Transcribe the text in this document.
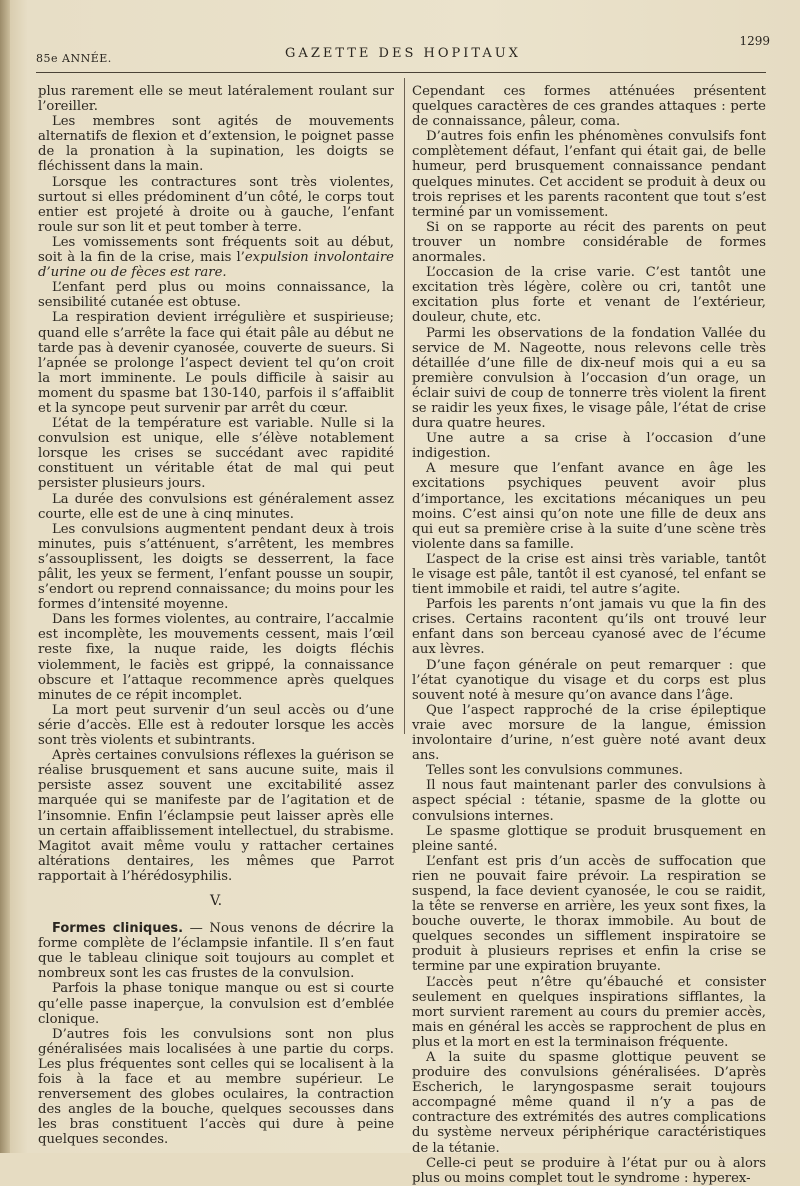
85e ANNÉE.	GAZETTE DES HOPITAUX
1299

plus rarement elle se meut latéralement roulant sur l’oreiller.

Les membres sont agités de mouvements alternatifs de flexion et d’extension, le poignet passe de la pronation à la supination, les doigts se fléchissent dans la main.

Lorsque les contractures sont très violentes, surtout si elles prédominent d’un côté, le corps tout entier est projeté à droite ou à gauche, l’enfant roule sur son lit et peut tomber à terre.

Les vomissements sont fréquents soit au début, soit à la fin de la crise, mais l’expulsion involontaire d’urine ou de fèces est rare.

L’enfant perd plus ou moins connaissance, la sensibilité cutanée est obtuse.

La respiration devient irrégulière et suspirieuse; quand elle s’arrête la face qui était pâle au début ne tarde pas à devenir cyanosée, couverte de sueurs. Si l’apnée se prolonge l’aspect devient tel qu’on croit la mort imminente. Le pouls difficile à saisir au moment du spasme bat 130-140, parfois il s’affaiblit et la syncope peut survenir par arrêt du cœur.

L’état de la température est variable. Nulle si la convulsion est unique, elle s’élève notablement lorsque les crises se succédant avec rapidité constituent un véritable état de mal qui peut persister plusieurs jours.

La durée des convulsions est généralement assez courte, elle est de une à cinq minutes.

Les convulsions augmentent pendant deux à trois minutes, puis s’atténuent, s’arrêtent, les membres s’assouplissent, les doigts se desserrent, la face pâlit, les yeux se ferment, l’enfant pousse un soupir, s’endort ou reprend connaissance; du moins pour les formes d’intensité moyenne.

Dans les formes violentes, au contraire, l’accalmie est incomplète, les mouvements cessent, mais l’œil reste fixe, la nuque raide, les doigts fléchis violemment, le faciès est grippé, la connaissance obscure et l’attaque recommence après quelques minutes de ce répit incomplet.

La mort peut survenir d’un seul accès ou d’une série d’accès. Elle est à redouter lorsque les accès sont très violents et subintrants.

Après certaines convulsions réflexes la guérison se réalise brusquement et sans aucune suite, mais il persiste assez souvent une excitabilité assez marquée qui se manifeste par de l’agitation et de l’insomnie. Enfin l’éclampsie peut laisser après elle un certain affaiblissement intellectuel, du strabisme. Magitot avait même voulu y rattacher certaines altérations dentaires, les mêmes que Parrot rapportait à l’hérédosyphilis.

V.

Formes cliniques. — Nous venons de décrire la forme complète de l’éclampsie infantile. Il s’en faut que le tableau clinique soit toujours au complet et nombreux sont les cas frustes de la convulsion.

Parfois la phase tonique manque ou est si courte qu’elle passe inaperçue, la convulsion est d’emblée clonique.

D’autres fois les convulsions sont non plus généralisées mais localisées à une partie du corps. Les plus fréquentes sont celles qui se localisent à la fois à la face et au membre supérieur. Le renversement des globes oculaires, la contraction des angles de la bouche, quelques secousses dans les bras constituent l’accès qui dure à peine quelques secondes.

Cependant ces formes atténuées présentent quelques caractères de ces grandes attaques : perte de connaissance, pâleur, coma.

D’autres fois enfin les phénomènes convulsifs font complètement défaut, l’enfant qui était gai, de belle humeur, perd brusquement connaissance pendant quelques minutes. Cet accident se produit à deux ou trois reprises et les parents racontent que tout s’est terminé par un vomissement.

Si on se rapporte au récit des parents on peut trouver un nombre considérable de formes anormales.

L’occasion de la crise varie. C’est tantôt une excitation très légère, colère ou cri, tantôt une excitation plus forte et venant de l’extérieur, douleur, chute, etc.

Parmi les observations de la fondation Vallée du service de M. Nageotte, nous relevons celle très détaillée d’une fille de dix-neuf mois qui a eu sa première convulsion à l’occasion d’un orage, un éclair suivi de coup de tonnerre très violent la firent se raidir les yeux fixes, le visage pâle, l’état de crise dura quatre heures.

Une autre a sa crise à l’occasion d’une indigestion.

A mesure que l’enfant avance en âge les excitations psychiques peuvent avoir plus d’importance, les excitations mécaniques un peu moins. C’est ainsi qu’on note une fille de deux ans qui eut sa première crise à la suite d’une scène très violente dans sa famille.

L’aspect de la crise est ainsi très variable, tantôt le visage est pâle, tantôt il est cyanosé, tel enfant se tient immobile et raidi, tel autre s’agite.

Parfois les parents n’ont jamais vu que la fin des crises. Certains racontent qu’ils ont trouvé leur enfant dans son berceau cyanosé avec de l’écume aux lèvres.

D’une façon générale on peut remarquer : que l’état cyanotique du visage et du corps est plus souvent noté à mesure qu’on avance dans l’âge.

Que l’aspect rapproché de la crise épileptique vraie avec morsure de la langue, émission involontaire d’urine, n’est guère noté avant deux ans.

Telles sont les convulsions communes.

Il nous faut maintenant parler des convulsions à aspect spécial : tétanie, spasme de la glotte ou convulsions internes.

Le spasme glottique se produit brusquement en pleine santé.

L’enfant est pris d’un accès de suffocation que rien ne pouvait faire prévoir. La respiration se suspend, la face devient cyanosée, le cou se raidit, la tête se renverse en arrière, les yeux sont fixes, la bouche ouverte, le thorax immobile. Au bout de quelques secondes un sifflement inspiratoire se produit à plusieurs reprises et enfin la crise se termine par une expiration bruyante.

L’accès peut n’être qu’ébauché et consister seulement en quelques inspirations sifflantes, la mort survient rarement au cours du premier accès, mais en général les accès se rapprochent de plus en plus et la mort en est la terminaison fréquente.

A la suite du spasme glottique peuvent se produire des convulsions généralisées. D’après Escherich, le laryngospasme serait toujours accompagné même quand il n’y a pas de contracture des extrémités des autres complications du système nerveux périphérique caractéristiques de la tétanie.

Celle-ci peut se produire à l’état pur ou à alors plus ou moins complet tout le syndrome : hyperex-
